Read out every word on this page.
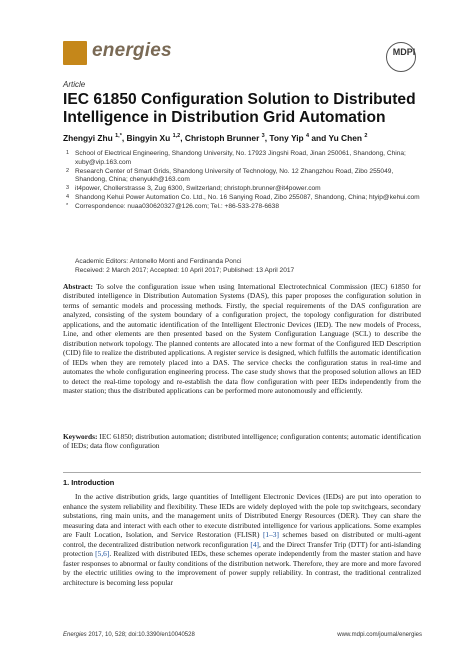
energies	MDPI
Article
IEC 61850 Configuration Solution to Distributed Intelligence in Distribution Grid Automation
Zhengyi Zhu $^{1,*}$, Bingyin Xu $^{1,2}$, Christoph Brunner $^3$, Tony Yip $^4$ and Yu Chen $^2$
1 School of Electrical Engineering, Shandong University, No. 17923 Jingshi Road, Jinan 250061, Shandong, China; xuby@vip.163.com
2 Research Center of Smart Grids, Shandong University of Technology, No. 12 Zhangzhou Road, Zibo 255049, Shandong, China; chenyukh@163.com
3 it4power, Chollerstrasse 3, Zug 6300, Switzerland; christoph.brunner@it4power.com
4 Shandong Kehui Power Automation Co. Ltd., No. 16 Sanying Road, Zibo 255087, Shandong, China; htyip@kehui.com
*	Correspondence: nuaa030620327@126.com; Tel.: +86-533-278-6638
Academic Editors: Antonello Monti and Ferdinanda Ponci
Received: 2 March 2017; Accepted: 10 April 2017; Published: 13 April 2017
Abstract: To solve the configuration issue when using International Electrotechnical Commission (IEC) 61850 for distributed intelligence in Distribution Automation Systems (DAS), this paper proposes the configuration solution in terms of semantic models and processing methods. Firstly, the special requirements of the DAS configuration are analyzed, consisting of the system boundary of a configuration project, the topology configuration for distributed applications, and the automatic identification of the Intelligent Electronic Devices (IED). The new models of Process, Line, and other elements are then presented based on the System Configuration Language (SCL) to describe the distribution network topology. The planned contents are allocated into a new format of the Configured IED Description (CID) file to realize the distributed applications. A register service is designed, which fulfills the automatic identification of IEDs when they are remotely placed into a DAS. The service checks the configuration status in real-time and automates the whole configuration engineering process. The case study shows that the proposed solution allows an IED to detect the real-time topology and re-establish the data flow configuration with peer IEDs independently from the master station; thus the distributed applications can be performed more autonomously and efficiently.
Keywords: IEC 61850; distribution automation; distributed intelligence; configuration contents; automatic identification of IEDs; data flow configuration
1. Introduction
In the active distribution grids, large quantities of Intelligent Electronic Devices (IEDs) are put into operation to enhance the system reliability and flexibility. These IEDs are widely deployed with the pole top switchgears, secondary substations, ring main units, and the management units of Distributed Energy Resources (DER). They can share the measuring data and interact with each other to execute distributed intelligence for various applications. Some examples are Fault Location, Isolation, and Service Restoration (FLISR) [1–3] schemes based on distributed or multi-agent control, the decentralized distribution network reconfiguration [4], and the Direct Transfer Trip (DTT) for anti-islanding protection [5,6]. Realized with distributed IEDs, these schemes operate independently from the master station and have faster responses to abnormal or faulty conditions of the distribution network. Therefore, they are more and more favored by the electric utilities owing to the improvement of power supply reliability. In contrast, the traditional centralized architecture is becoming less popular
Energies 2017, 10, 528; doi:10.3390/en10040528	www.mdpi.com/journal/energies
